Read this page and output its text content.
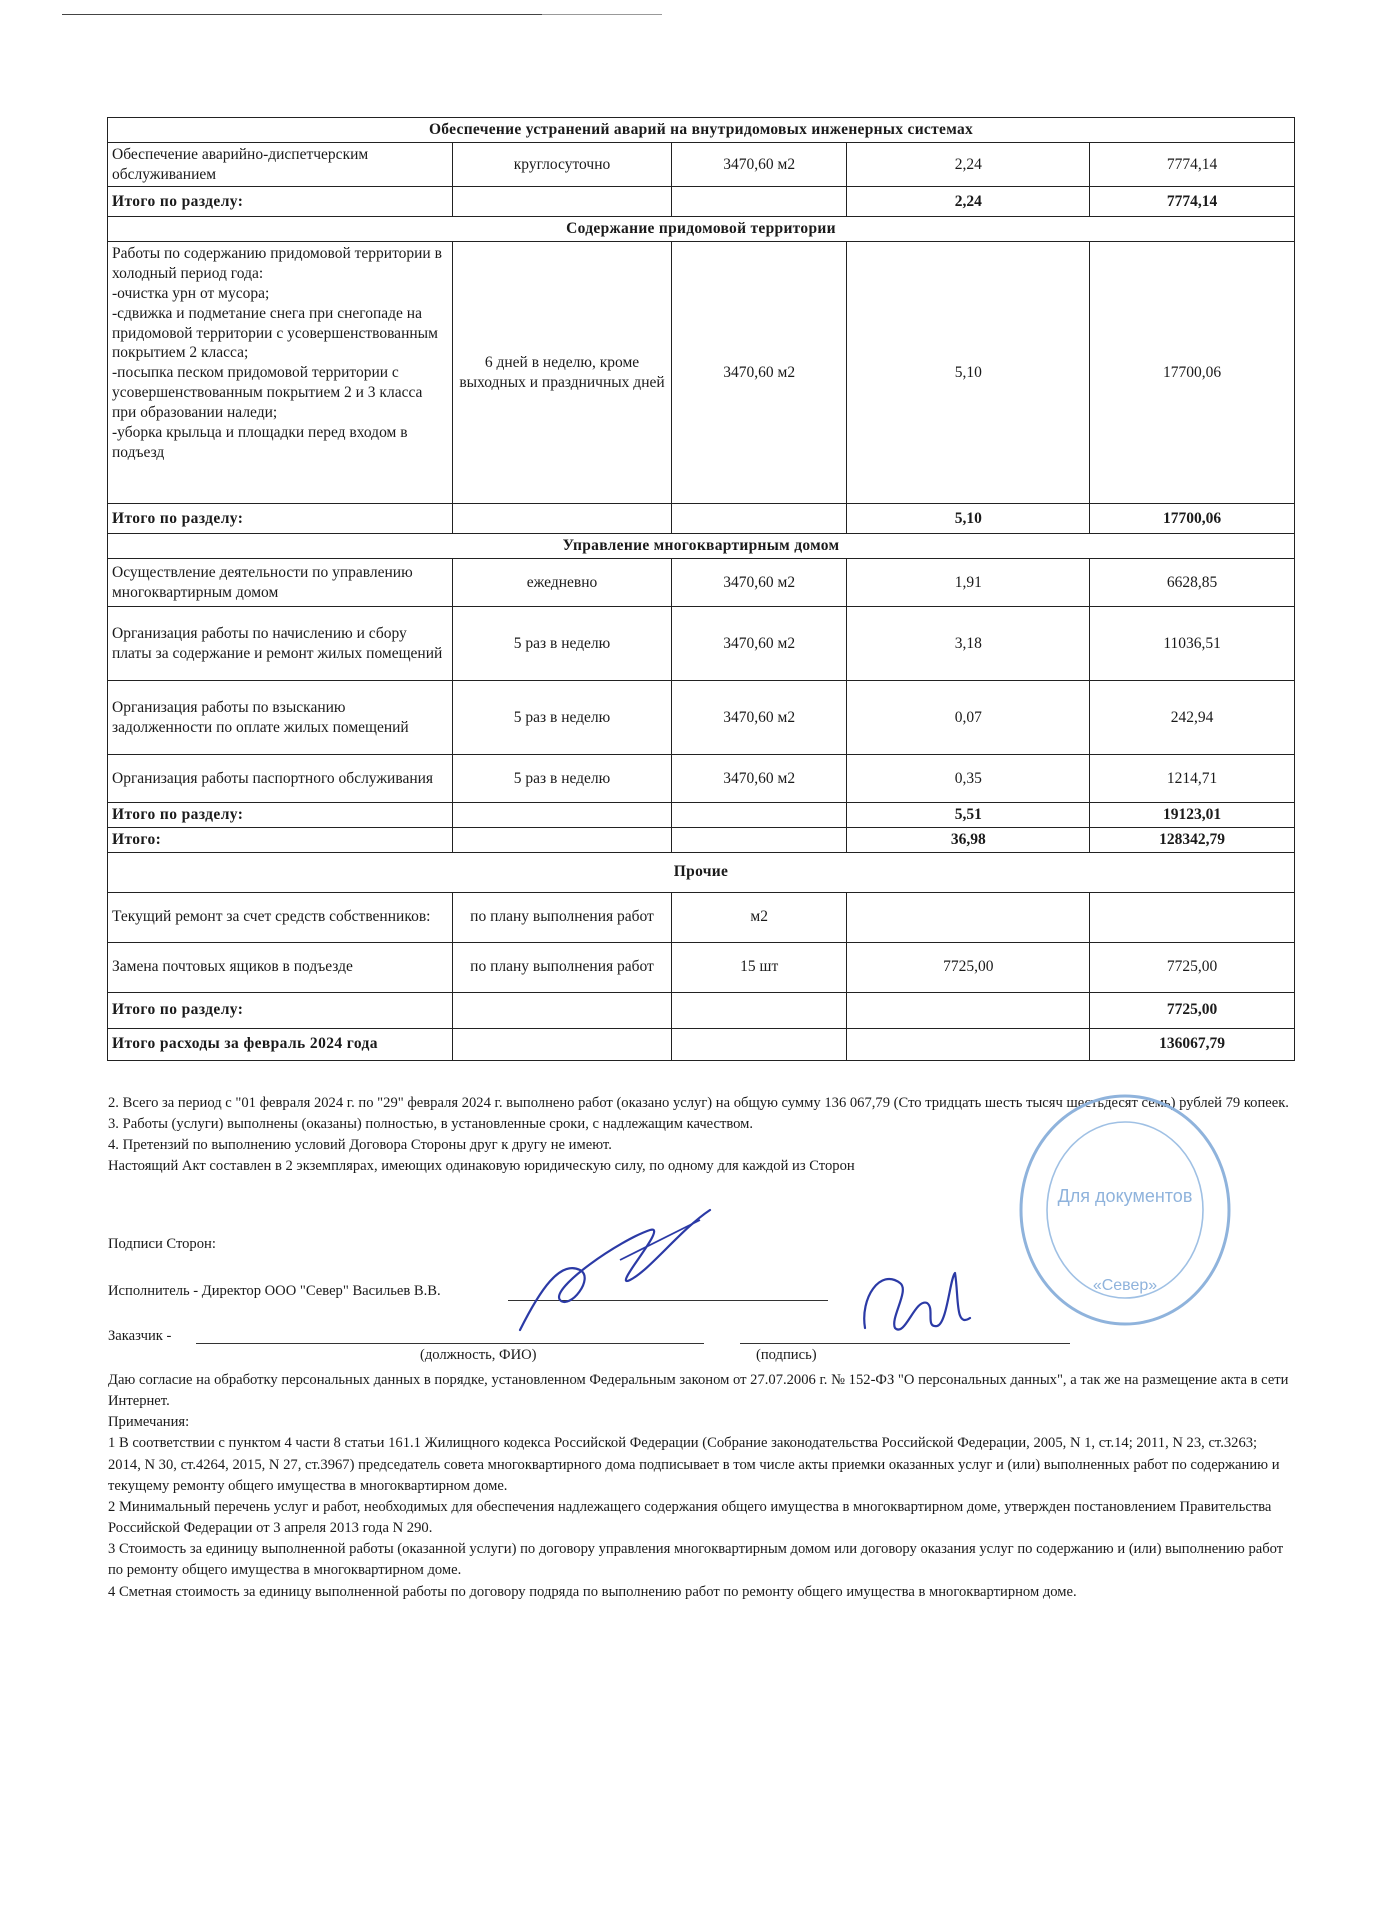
Обеспечение устранений аварий на внутридомовых инженерных системах				
Обеспечение аварийно-диспетчерским обслуживанием	круглосуточно	3470,60 м2	2,24	7774,14
Итого по разделу:			2,24	7774,14
Содержание придомовой территории				
Работы по содержанию придомовой территории в холодный период года:
-очистка урн от мусора;
-сдвижка и подметание снега при снегопаде на придомовой территории с усовершенствованным покрытием 2 класса;
-посыпка песком придомовой территории с усовершенствованным покрытием 2 и 3 класса при образовании наледи;
-уборка крыльца и площадки перед входом в подъезд	6 дней в неделю, кроме выходных и праздничных дней	3470,60 м2	5,10	17700,06
Итого по разделу:			5,10	17700,06
Управление многоквартирным домом				
Осуществление деятельности по управлению многоквартирным домом	ежедневно	3470,60 м2	1,91	6628,85
Организация работы по начислению и сбору платы за содержание и ремонт жилых помещений	5 раз в неделю	3470,60 м2	3,18	11036,51
Организация работы по взысканию задолженности по оплате жилых помещений	5 раз в неделю	3470,60 м2	0,07	242,94
Организация работы паспортного обслуживания	5 раз в неделю	3470,60 м2	0,35	1214,71
Итого по разделу:			5,51	19123,01
Итого:			36,98	128342,79
Прочие				
Текущий ремонт за счет средств собственников:	по плану выполнения работ	м2		
Замена почтовых ящиков в подъезде	по плану выполнения работ	15 шт	7725,00	7725,00
Итого по разделу:				7725,00
Итого расходы за февраль 2024 года				136067,79

2. Всего за период с "01 февраля 2024 г. по "29" февраля 2024 г. выполнено работ (оказано услуг) на общую сумму 136 067,79 (Сто тридцать шесть тысяч шестьдесят семь) рублей 79 копеек.

3. Работы (услуги) выполнены (оказаны) полностью, в установленные сроки, с надлежащим качеством.

4. Претензий по выполнению условий Договора Стороны друг к другу не имеют.

Настоящий Акт составлен в 2 экземплярах, имеющих одинаковую юридическую силу, по одному для каждой из Сторон

Подписи Сторон:
Исполнитель - Директор ООО "Север" Васильев В.В.
Заказчик -
(должность, ФИО)	(подпись)
Для документов
«Север»

Даю согласие на обработку персональных данных в порядке, установленном Федеральным законом от 27.07.2006 г. № 152-ФЗ "О персональных данных", а так же на размещение акта в сети Интернет.

Примечания:

1 В соответствии с пунктом 4 части 8 статьи 161.1 Жилищного кодекса Российской Федерации (Собрание законодательства Российской Федерации, 2005, N 1, ст.14; 2011, N 23, ст.3263; 2014, N 30, ст.4264, 2015, N 27, ст.3967) председатель совета многоквартирного дома подписывает в том числе акты приемки оказанных услуг и (или) выполненных работ по содержанию и текущему ремонту общего имущества в многоквартирном доме.

2 Минимальный перечень услуг и работ, необходимых для обеспечения надлежащего содержания общего имущества в многоквартирном доме, утвержден постановлением Правительства Российской Федерации от 3 апреля 2013 года N 290.

3 Стоимость за единицу выполненной работы (оказанной услуги) по договору управления многоквартирным домом или договору оказания услуг по содержанию и (или) выполнению работ по ремонту общего имущества в многоквартирном доме.

4 Сметная стоимость за единицу выполненной работы по договору подряда по выполнению работ по ремонту общего имущества в многоквартирном доме.
